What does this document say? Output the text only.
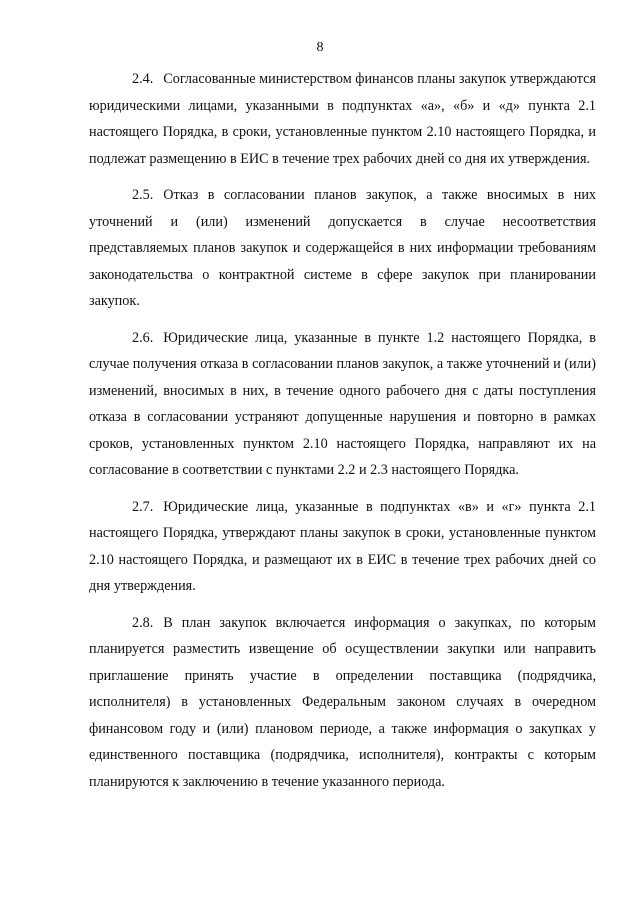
8

2.4. Согласованные министерством финансов планы закупок утверждаются юридическими лицами, указанными в подпунктах «а», «б» и «д» пункта 2.1 настоящего Порядка, в сроки, установленные пунктом 2.10 настоящего Порядка, и подлежат размещению в ЕИС в течение трех рабочих дней со дня их утверждения.

2.5. Отказ в согласовании планов закупок, а также вносимых в них уточнений и (или) изменений допускается в случае несоответствия представляемых планов закупок и содержащейся в них информации требованиям законодательства о контрактной системе в сфере закупок при планировании закупок.

2.6. Юридические лица, указанные в пункте 1.2 настоящего Порядка, в случае получения отказа в согласовании планов закупок, а также уточнений и (или) изменений, вносимых в них, в течение одного рабочего дня с даты поступления отказа в согласовании устраняют допущенные нарушения и повторно в рамках сроков, установленных пунктом 2.10 настоящего Порядка, направляют их на согласование в соответствии с пунктами 2.2 и 2.3 настоящего Порядка.

2.7. Юридические лица, указанные в подпунктах «в» и «г» пункта 2.1 настоящего Порядка, утверждают планы закупок в сроки, установленные пунктом 2.10 настоящего Порядка, и размещают их в ЕИС в течение трех рабочих дней со дня утверждения.

2.8. В план закупок включается информация о закупках, по которым планируется разместить извещение об осуществлении закупки или направить приглашение принять участие в определении поставщика (подрядчика, исполнителя) в установленных Федеральным законом случаях в очередном финансовом году и (или) плановом периоде, а также информация о закупках у единственного поставщика (подрядчика, исполнителя), контракты с которым планируются к заключению в течение указанного периода.
